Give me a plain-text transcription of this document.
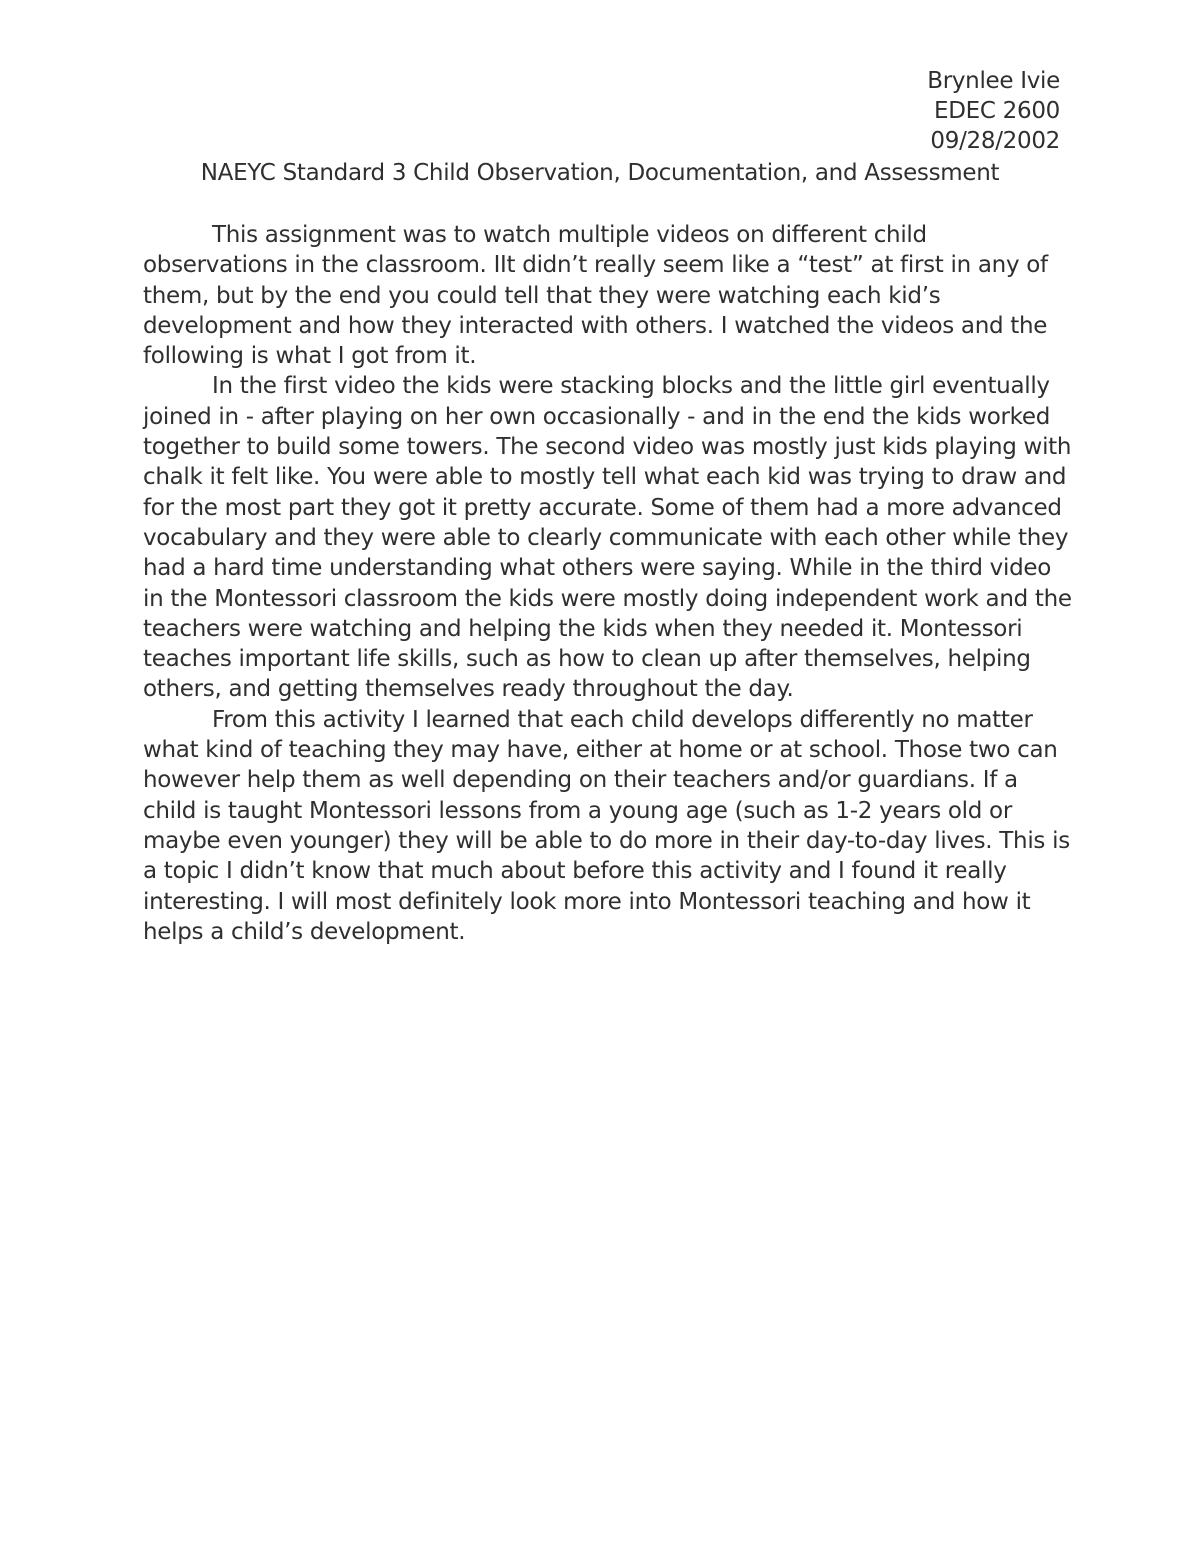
Brynlee Ivie
EDEC 2600
09/28/2002
NAEYC Standard 3 Child Observation, Documentation, and Assessment

This assignment was to watch multiple videos on different child observations in the classroom. IIt didn’t really seem like a “test” at first in any of them, but by the end you could tell that they were watching each kid’s development and how they interacted with others. I watched the videos and the following is what I got from it.

In the first video the kids were stacking blocks and the little girl eventually joined in - after playing on her own occasionally - and in the end the kids worked together to build some towers. The second video was mostly just kids playing with chalk it felt like. You were able to mostly tell what each kid was trying to draw and for the most part they got it pretty accurate. Some of them had a more advanced vocabulary and they were able to clearly communicate with each other while they had a hard time understanding what others were saying. While in the third video in the Montessori classroom the kids were mostly doing independent work and the teachers were watching and helping the kids when they needed it. Montessori teaches important life skills, such as how to clean up after themselves, helping others, and getting themselves ready throughout the day.

From this activity I learned that each child develops differently no matter what kind of teaching they may have, either at home or at school. Those two can however help them as well depending on their teachers and/or guardians. If a child is taught Montessori lessons from a young age (such as 1-2 years old or maybe even younger) they will be able to do more in their day-to-day lives. This is a topic I didn’t know that much about before this activity and I found it really interesting. I will most definitely look more into Montessori teaching and how it helps a child’s development.
